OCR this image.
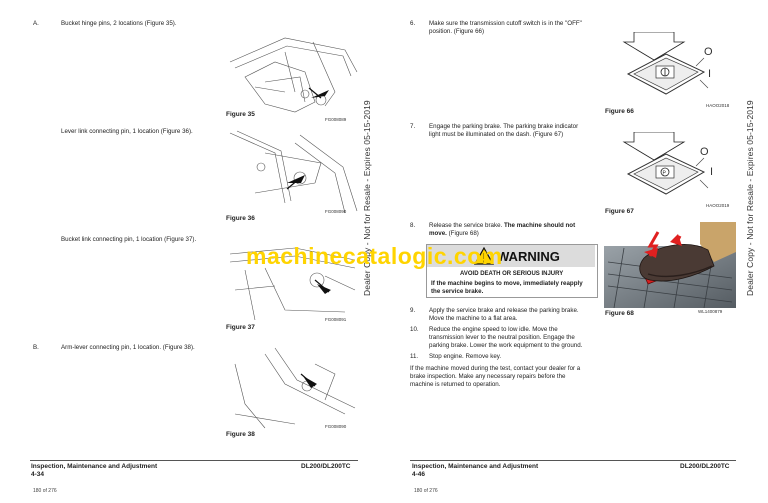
A.	Bucket hinge pins, 2 locations (Figure 35).
FG008089
Figure 35
Lever link connecting pin, 1 location (Figure 36).
FG008090
Figure 36
Bucket link connecting pin, 1 location (Figure 37).
FG008091
Figure 37
B.	Arm-lever connecting pin, 1 location. (Figure 38).
FG008090
Figure 38
Inspection, Maintenance and Adjustment
4-34
DL200/DL200TC
180 of 276
Dealer Copy - Not for Resale - Expires 05-15-2019
6. Make sure the transmission cutoff switch is in the "OFF"
position. (Figure 66)
O
I
HAOO2018
Figure 66
7. Engage the parking brake. The parking brake indicator
light must be illuminated on the dash. (Figure 67)
P
O
I
HAOO2019
Figure 67
8. Release the service brake. The machine should not
move. (Figure 68)
WARNING
AVOID DEATH OR SERIOUS INJURY
If the machine begins to move, immediately reapply
the service brake.
machinecatalogic.com
WL1400879
Figure 68
9. Apply the service brake and release the parking brake.
Move the machine to a flat area.
10. Reduce the engine speed to low idle. Move the
transmission lever to the neutral position. Engage the
parking brake. Lower the work equipment to the ground.
11. Stop engine. Remove key.
If the machine moved during the test, contact your dealer for a
brake inspection. Make any necessary repairs before the
machine is returned to operation.
Inspection, Maintenance and Adjustment
4-46
DL200/DL200TC
180 of 276
Dealer Copy - Not for Resale - Expires 05-15-2019
